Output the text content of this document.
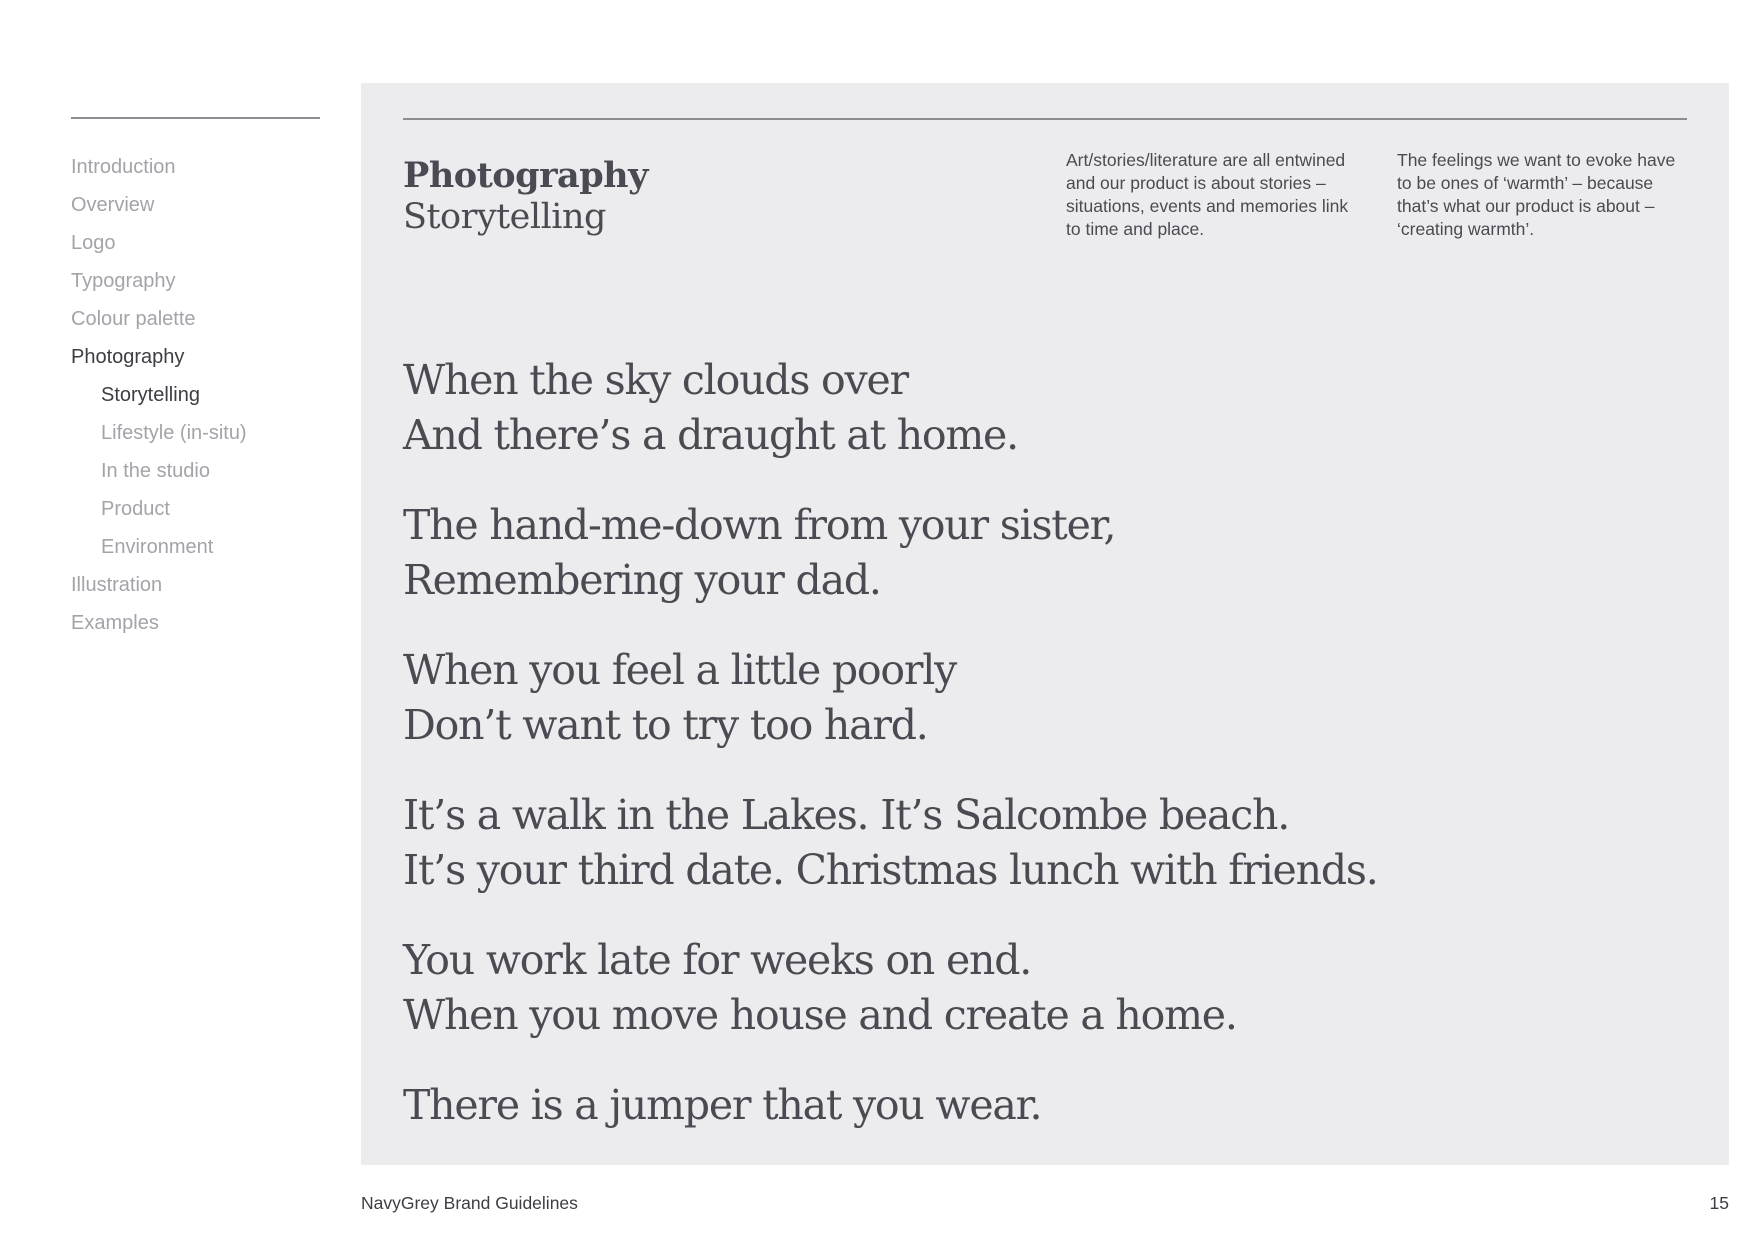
Introduction
Overview
Logo
Typography
Colour palette
Photography
Storytelling
Lifestyle (in-situ)
In the studio
Product
Environment
Illustration
Examples
Photography
Storytelling

Art/stories/literature are all entwined and our product is about stories – situations, events and memories link to time and place.

The feelings we want to evoke have to be ones of ‘warmth’ – because that’s what our product is about – ‘creating warmth’.

When the sky clouds over
And there’s a draught at home.
The hand-me-down from your sister,
Remembering your dad.
When you feel a little poorly
Don’t want to try too hard.
It’s a walk in the Lakes. It’s Salcombe beach.
It’s your third date. Christmas lunch with friends.
You work late for weeks on end.
When you move house and create a home.
There is a jumper that you wear.
NavyGrey Brand Guidelines	15
